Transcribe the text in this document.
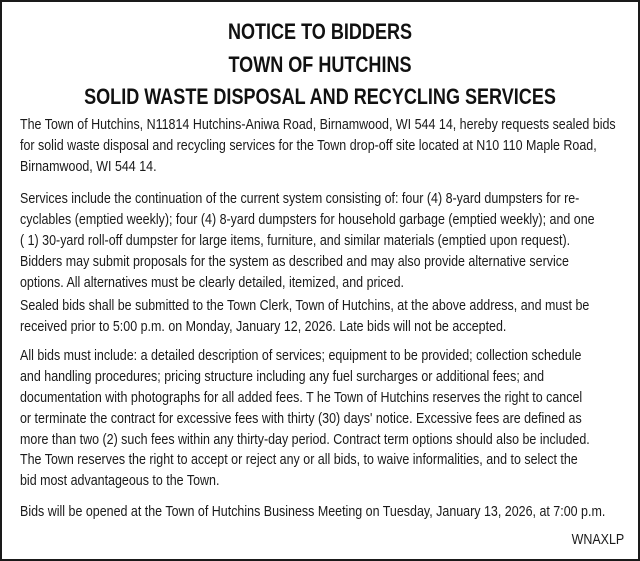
NOTICE TO BIDDERS
TOWN OF HUTCHINS
SOLID WASTE DISPOSAL AND RECYCLING SERVICES
The Town of Hutchins, N11814 Hutchins-Aniwa Road, Birnamwood, WI 544 14, hereby requests sealed bids
for solid waste disposal and recycling services for the Town drop-off site located at N10 110 Maple Road,
Birnamwood, WI 544 14.
Services include the continuation of the current system consisting of: four (4) 8-yard dumpsters for re-
cyclables (emptied weekly); four (4) 8-yard dumpsters for household garbage (emptied weekly); and one
( 1) 30-yard roll-off dumpster for large items, furniture, and similar materials (emptied upon request).
Bidders may submit proposals for the system as described and may also provide alternative service
options. All alternatives must be clearly detailed, itemized, and priced.
Sealed bids shall be submitted to the Town Clerk, Town of Hutchins, at the above address, and must be
received prior to 5:00 p.m. on Monday, January 12, 2026. Late bids will not be accepted.
All bids must include: a detailed description of services; equipment to be provided; collection schedule
and handling procedures; pricing structure including any fuel surcharges or additional fees; and
documentation with photographs for all added fees. T he Town of Hutchins reserves the right to cancel
or terminate the contract for excessive fees with thirty (30) days' notice. Excessive fees are defined as
more than two (2) such fees within any thirty-day period. Contract term options should also be included.
The Town reserves the right to accept or reject any or all bids, to waive informalities, and to select the
bid most advantageous to the Town.
Bids will be opened at the Town of Hutchins Business Meeting on Tuesday, January 13, 2026, at 7:00 p.m.
WNAXLP
